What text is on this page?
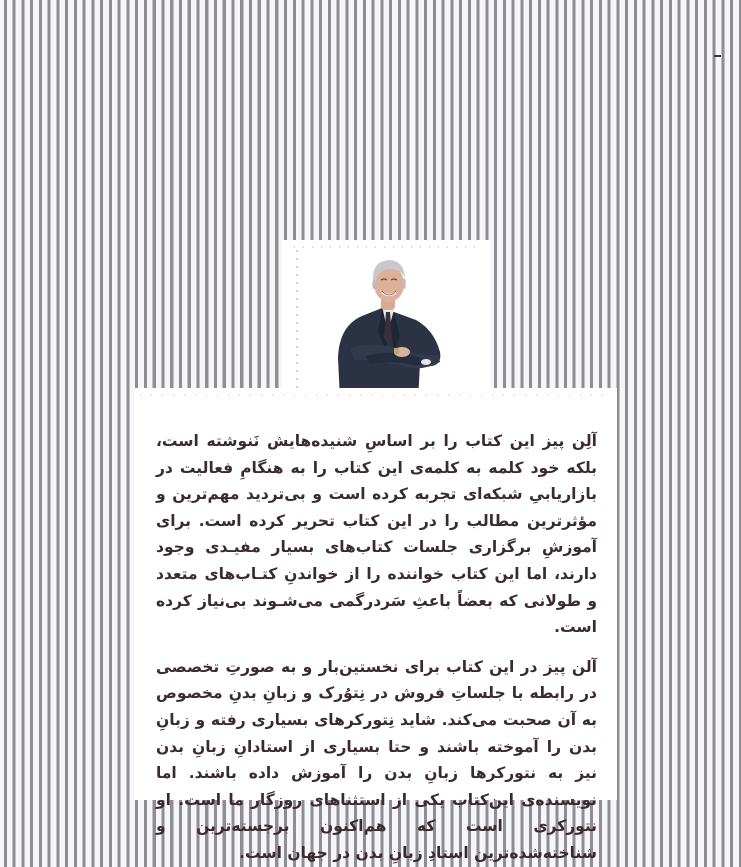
آلِن پیز این کتاب را بر اساسِ شنیده‌هایش نَنوشته است، بلکه خود کلمه به کلمه‌ی این کتاب را به هنگامِ فعالیت در بازاریابیِ شبکه‌ای تجربه کرده است و بی‌تردید مهم‌ترین و مؤثرترین مطالب را در این کتاب تحریر کرده است. برای آموزشِ برگزاری جلسات کتاب‌های بسیار مفیـدی وجود دارند، اما این کتاب خواننده را از خواندنِ کتـاب‌های متعدد و طولانی که بعضاً باعثِ سَردرگمی می‌شـوند بی‌نیاز کرده است.

آلن پیز در این کتاب برای نخستین‌بار و به صورتِ تخصصی در رابطه با جلساتِ فروش در نِتوُرک و زبانِ بدنِ مخصوص به آن صحبت می‌کند. شاید نِتورکرهای بسیاری رفته و زبانِ بدن را آموخته باشند و حتا بسیاری از استادانِ زبانِ بدن نیز به نتورکرها زبانِ بدن را آموزش داده باشند. اما نویسنده‌ی این‌کتاب یکی از استثناهای روزگار ما است. او نتورکری است که هم‌اکنون برجسته‌ترین و شناخته‌شده‌ترین استادِ زبانِ بدن در جهان است.
